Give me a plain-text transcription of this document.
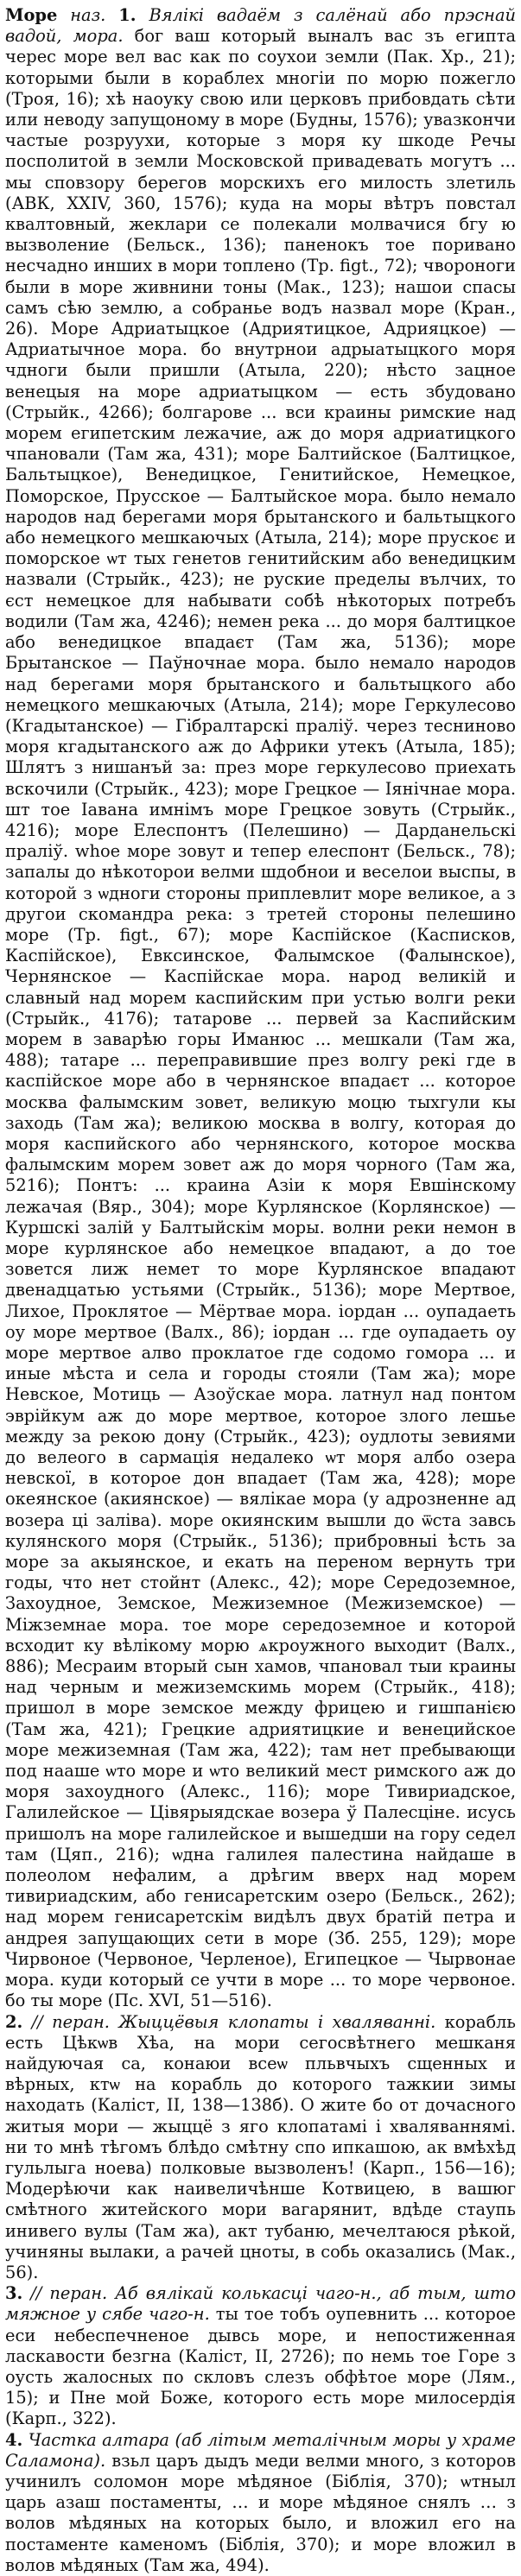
Море наз. 1. Вялікі вадаём з салёнай або прэснай вадой, мора. бог ваш который выналъ вас зъ египта черес море вел вас как по соухои земли (Пак. Хр., 21); которыми были в кораблех многіи по морю пожегло (Троя, 16); хѣ наоуку свою или церковъ прибовдать сѣти или неводу запущоному в море (Будны, 1576); увазкончи частые розруухи, которые з моря ку шкоде Речы посполитой в земли Московской привадевать могутъ ... мы сповзору берегов морскихъ его милость злетиль (АВК, XXIV, 360, 1576); куда на моры вѣтръ повстал квалтовный, жеклари се полекали молвачися бгу ю вызволение (Бельск., 136); паненокъ тое поривано несчадно инших в мори топлено (Тр. figt., 72); чвороноги были в море живнини тоны (Мак., 123); нашои спасы самъ сѣю землю, а собранье водъ назвал море (Кран., 26). Море Адриатыцкое (Адриятицкое, Адрияцкое) — Адриатычное мора. бо внутрнои адрыатыцкого моря чдноги были пришли (Атыла, 220); нѣсто зацное венецыя на море адриатыцком — есть збудовано (Стрыйк., 4266); болгарове ... вси краины римские над морем египетским лежачие, аж до моря адриатицкого чпановали (Там жа, 431); море Балтийское (Балтицкое, Бальтыцкое), Венедицкое, Генитийское, Немецкое, Поморское, Прусское — Балтыйское мора. было немало народов над берегами моря брытанского и бальтыцкого або немецкого мешкаючых (Атыла, 214); море прускоє и поморское ѡт тых генетов генитийским або венедицким назвали (Стрыйк., 423); не руские пределы вълчих, то єст немецкое для набывати собѣ нѣкоторых потребъ водили (Там жа, 4246); немен река ... до моря балтицкое або венедицкое впадаєт (Там жа, 5136); море Брытанское — Паўночнае мора. было немало народов над берегами моря брытанского и бальтыцкого або немецкого мешкаючых (Атыла, 214); море Геркулесово (Кгадытанское) — Гібралтарскі праліў. через тесниново моря кгадытанского аж до Африки утекъ (Атыла, 185); Шлятъ з нишанъй за: през море геркулесово приехать вскочили (Стрыйк., 423); море Грецкое — Іянічнае мора. шт тое Іавана имнімъ море Грецкое зовуть (Стрыйк., 4216); море Елеспонтъ (Пелешино) — Дарданельскі праліў. whoe море зовут и тепер елеспонт (Бельск., 78); запалы до нѣкоторои велми шдобнои и веселои выспы, в которой з ѡдноги стороны приплевлит море великое, а з другои скомандра река: з третей стороны пелешино море (Тр. figt., 67); море Каспійское (Касписков, Каспійское), Евксинское, Фалымское (Фалынское), Чернянское — Каспійскае мора. народ великій и славный над морем каспийским при устью волги реки (Стрыйк., 4176); татарове ... первей за Каспийским морем в заварѣю горы Иманюс ... мешкали (Там жа, 488); татаре ... переправившие през волгу рекі где в каспійское море або в чернянское впадаєт ... которое москва фалымским зовет, великую моцю тыхгули кы заходь (Там жа); великою москва в волгу, которая до моря каспийского або чернянского, которое москва фалымским морем зовет аж до моря чорного (Там жа, 5216); Понтъ: ... краина Азіи к моря Евшінскому лежачая (Вяр., 304); море Курлянское (Корлянское) — Куршскі залій у Балтыйскім моры. волни реки немон в море курлянское або немецкое впадают, а до тое зовется лиж немет то море Курлянское впадают двенадцатью устьями (Стрыйк., 5136); море Мертвое, Лихое, Проклятое — Мёртвае мора. іордан ... оупадаеть оу море мертвое (Валх., 86); іордан ... где оупадаеть оу море мертвое алво проклатое где содомо гомора ... и иные мѣста и села и городы стояли (Там жа); море Невское, Мотиць — Азоўскае мора. латнул над понтом эврійкум аж до море мертвое, которое злого лешье между за рекою дону (Стрыйк., 423); оудлоты зевиями до велеого в сармація недалеко ѡт моря албо озера невскої, в которое дон впадает (Там жа, 428); море океянское (акиянское) — вялікае мора (у адрозненне ад возера ці заліва). море окиянским вышли до ѿста завсь кулянского моря (Стрыйк., 5136); прибровныі ѣсть за море за акыянское, и екать на переном вернуть три годы, что нет стойнт (Алекс., 42); море Середоземное, Захоудное, Земское, Межиземное (Межиземское) — Міжземнае мора. тое море середоземное и которой всходит ку вѣлікому морю ѧкроужного выходит (Валх., 886); Месраим вторый сын хамов, чпановал тыи краины над черным и межиземскимь морем (Стрыйк., 418); пришол в море земское между фрицею и гишпанією (Там жа, 421); Грецкие адриятицкие и венецийское море межиземнaя (Там жа, 422); там нет пребывающи под нааше ѡто море и ѡто великий мест римского аж до моря захоудного (Алекс., 116); море Тивириадское, Галилейское — Цівярыядскае возера ў Палесціне. исусь пришолъ на море галилейское и вышедши на гору седел там (Цяп., 216); ѡдна галилея палестина найдаше в полеолом нефалим, а дрѣгим вверх над морем тивириадским, або генисаретским озеро (Бельск., 262); над морем генисаретскім видѣлъ двух братій петра и андрея запущающих сети в море (Зб. 255, 129); море Чирвоное (Червоное, Черленое), Египецкое — Чырвонае мора. куди который се учти в море ... то море червоное. бо ты море (Пс. ХVI, 51—516).

2. // перан. Жыццёвыя клопаты і хваляванні. корабль есть Цѣкѡв Хѣа, на мори сегосвѣтнего мешканя найдуючая са, конаюи всеѡ пльвчыхъ сщенных и вѣрных, ктѡ на корабль до которого тажкии зимы находать (Каліст, II, 138—138б). О жите бо от дочасного житыя мори — жыццё з яго клопатамі і хваляваннямі. ни то мнѣ тѣгомъ блѣдо смѣтну спо ипкашою, ак вмѣхѣд гульлыга ноева) полковые вызволенъ! (Карп., 156—16); Модерѣючи как наивеличѣнше Котвицею, в вашюг смѣтного житейского мори вагарянит, вдѣде стаупь инивего вулы (Там жа), акт тубаню, мечелтаюся рѣкой, учиняны вылаки, а рачей цноты, в собь оказались (Мак., 56).

3. // перан. Аб вялікай колькасці чаго-н., аб тым, што мяжное у сябе чаго-н. ты тое тобъ оупевнить ... которое еси небеспечненое дывсь море, и непостиженная ласкавости безгна (Каліст, II, 2726); по немь тое Горе з оусть жалосных по скловъ слезъ обфѣтое море (Лям., 15); и Пне мой Боже, которого есть море милосердія (Карп., 322).

4. Частка алтара (аб літым металічным моры у храме Саламона). взьл царъ дыдъ меди велми много, з которов учинилъ соломон море мѣдяное (Біблія, 370); ѡтныл царь азаш постаменты, … и море мѣдяное снялъ … з волов мѣдяных на которых было, и вложил его на постаменте каменомъ (Біблія, 370); и море вложил в волов мѣдяных (Там жа, 494).
